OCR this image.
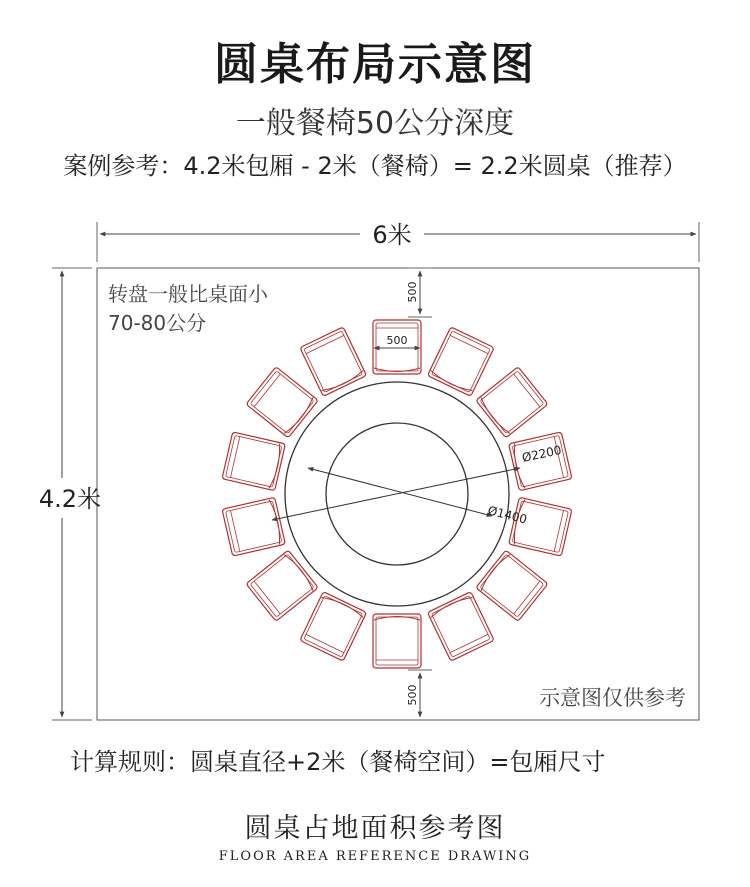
6米
4.2米
转盘一般比桌面小
70-80公分
500
500
500
Ø2200
Ø1400
示意图仅供参考
圆桌布局示意图
一般餐椅50公分深度
案例参考：4.2米包厢 - 2米（餐椅）= 2.2米圆桌（推荐）
计算规则：圆桌直径+2米（餐椅空间）=包厢尺寸
圆桌占地面积参考图
FLOOR AREA REFERENCE DRAWING
